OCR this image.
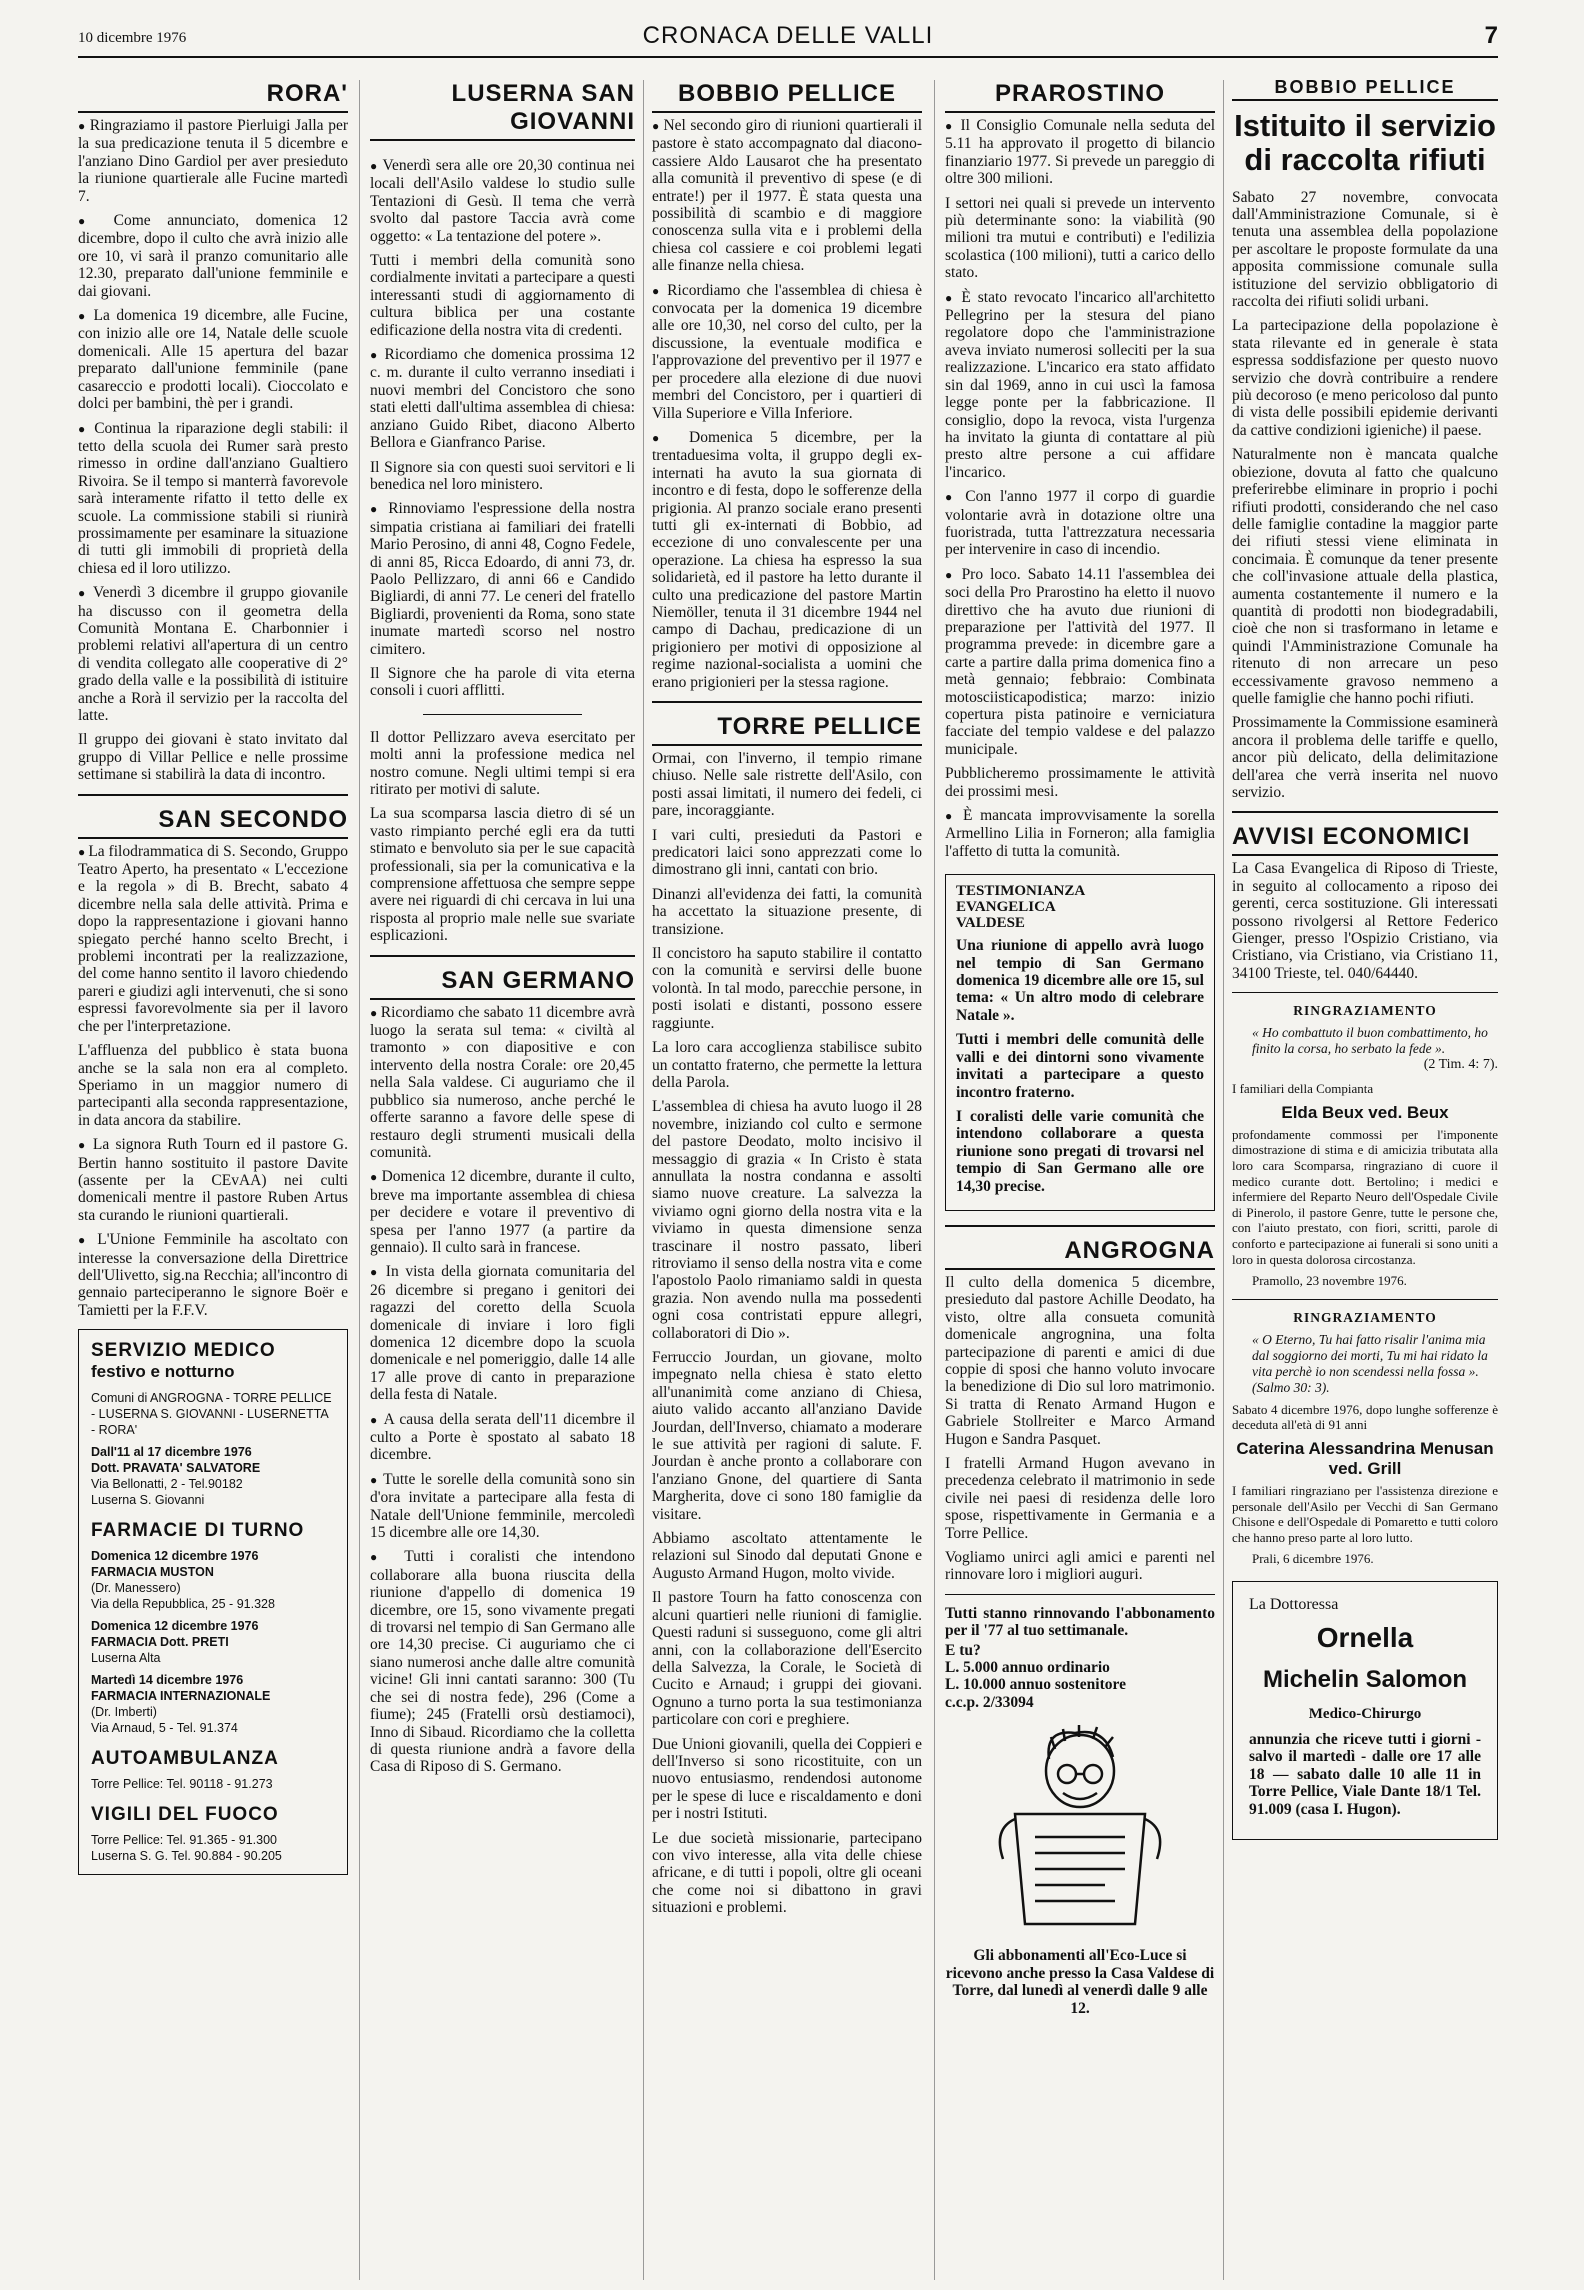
10 dicembre 1976	CRONACA DELLE VALLI	7
RORA'

● Ringraziamo il pastore Pierluigi Jalla per la sua predicazione tenuta il 5 dicembre e l'anziano Dino Gardiol per aver presieduto la riunione quartierale alle Fucine martedì 7.

● Come annunciato, domenica 12 dicembre, dopo il culto che avrà inizio alle ore 10, vi sarà il pranzo comunitario alle 12.30, preparato dall'unione femminile e dai giovani.

● La domenica 19 dicembre, alle Fucine, con inizio alle ore 14, Natale delle scuole domenicali. Alle 15 apertura del bazar preparato dall'unione femminile (pane casareccio e prodotti locali). Cioccolato e dolci per bambini, thè per i grandi.

● Continua la riparazione degli stabili: il tetto della scuola dei Rumer sarà presto rimesso in ordine dall'anziano Gualtiero Rivoira. Se il tempo si manterrà favorevole sarà interamente rifatto il tetto delle ex scuole. La commissione stabili si riunirà prossimamente per esaminare la situazione di tutti gli immobili di proprietà della chiesa ed il loro utilizzo.

● Venerdì 3 dicembre il gruppo giovanile ha discusso con il geometra della Comunità Montana E. Charbonnier i problemi relativi all'apertura di un centro di vendita collegato alle cooperative di 2° grado della valle e la possibilità di istituire anche a Rorà il servizio per la raccolta del latte.

Il gruppo dei giovani è stato invitato dal gruppo di Villar Pellice e nelle prossime settimane si stabilirà la data di incontro.

SAN SECONDO

● La filodrammatica di S. Secondo, Gruppo Teatro Aperto, ha presentato « L'eccezione e la regola » di B. Brecht, sabato 4 dicembre nella sala delle attività. Prima e dopo la rappresentazione i giovani hanno spiegato perché hanno scelto Brecht, i problemi incontrati per la realizzazione, del come hanno sentito il lavoro chiedendo pareri e giudizi agli intervenuti, che si sono espressi favorevolmente sia per il lavoro che per l'interpretazione.

L'affluenza del pubblico è stata buona anche se la sala non era al completo. Speriamo in un maggior numero di partecipanti alla seconda rappresentazione, in data ancora da stabilire.

● La signora Ruth Tourn ed il pastore G. Bertin hanno sostituito il pastore Davite (assente per la CEvAA) nei culti domenicali mentre il pastore Ruben Artus sta curando le riunioni quartierali.

● L'Unione Femminile ha ascoltato con interesse la conversazione della Direttrice dell'Ulivetto, sig.na Recchia; all'incontro di gennaio parteciperanno le signore Boër e Tamietti per la F.F.V.

SERVIZIO MEDICO
festivo e notturno
Comuni di ANGROGNA - TORRE PELLICE - LUSERNA S. GIOVANNI - LUSERNETTA - RORA'
Dall'11 al 17 dicembre 1976
Dott. PRAVATA' SALVATORE
Via Bellonatti, 2 - Tel.90182
Luserna S. Giovanni
FARMACIE DI TURNO
Domenica 12 dicembre 1976
FARMACIA MUSTON
(Dr. Manessero)
Via della Repubblica, 25 - 91.328
Domenica 12 dicembre 1976
FARMACIA Dott. PRETI
Luserna Alta
Martedì 14 dicembre 1976
FARMACIA INTERNAZIONALE
(Dr. Imberti)
Via Arnaud, 5 - Tel. 91.374
AUTOAMBULANZA
Torre Pellice: Tel. 90118 - 91.273
VIGILI DEL FUOCO
Torre Pellice: Tel. 91.365 - 91.300
Luserna S. G. Tel. 90.884 - 90.205
LUSERNA SAN GIOVANNI

● Venerdì sera alle ore 20,30 continua nei locali dell'Asilo valdese lo studio sulle Tentazioni di Gesù. Il tema che verrà svolto dal pastore Taccia avrà come oggetto: « La tentazione del potere ».

Tutti i membri della comunità sono cordialmente invitati a partecipare a questi interessanti studi di aggiornamento di cultura biblica per una costante edificazione della nostra vita di credenti.

● Ricordiamo che domenica prossima 12 c. m. durante il culto verranno insediati i nuovi membri del Concistoro che sono stati eletti dall'ultima assemblea di chiesa: anziano Guido Ribet, diacono Alberto Bellora e Gianfranco Parise.

Il Signore sia con questi suoi servitori e li benedica nel loro ministero.

● Rinnoviamo l'espressione della nostra simpatia cristiana ai familiari dei fratelli Mario Perosino, di anni 48, Cogno Fedele, di anni 85, Ricca Edoardo, di anni 73, dr. Paolo Pellizzaro, di anni 66 e Candido Bigliardi, di anni 77. Le ceneri del fratello Bigliardi, provenienti da Roma, sono state inumate martedì scorso nel nostro cimitero.

Il Signore che ha parole di vita eterna consoli i cuori afflitti.

Il dottor Pellizzaro aveva esercitato per molti anni la professione medica nel nostro comune. Negli ultimi tempi si era ritirato per motivi di salute.

La sua scomparsa lascia dietro di sé un vasto rimpianto perché egli era da tutti stimato e benvoluto sia per le sue capacità professionali, sia per la comunicativa e la comprensione affettuosa che sempre seppe avere nei riguardi di chi cercava in lui una risposta al proprio male nelle sue svariate esplicazioni.

SAN GERMANO

● Ricordiamo che sabato 11 dicembre avrà luogo la serata sul tema: « civiltà al tramonto » con diapositive e con intervento della nostra Corale: ore 20,45 nella Sala valdese. Ci auguriamo che il pubblico sia numeroso, anche perché le offerte saranno a favore delle spese di restauro degli strumenti musicali della comunità.

● Domenica 12 dicembre, durante il culto, breve ma importante assemblea di chiesa per decidere e votare il preventivo di spesa per l'anno 1977 (a partire da gennaio). Il culto sarà in francese.

● In vista della giornata comunitaria del 26 dicembre si pregano i genitori dei ragazzi del coretto della Scuola domenicale di inviare i loro figli domenica 12 dicembre dopo la scuola domenicale e nel pomeriggio, dalle 14 alle 17 alle prove di canto in preparazione della festa di Natale.

● A causa della serata dell'11 dicembre il culto a Porte è spostato al sabato 18 dicembre.

● Tutte le sorelle della comunità sono sin d'ora invitate a partecipare alla festa di Natale dell'Unione femminile, mercoledì 15 dicembre alle ore 14,30.

● Tutti i coralisti che intendono collaborare alla buona riuscita della riunione d'appello di domenica 19 dicembre, ore 15, sono vivamente pregati di trovarsi nel tempio di San Germano alle ore 14,30 precise. Ci auguriamo che ci siano numerosi anche dalle altre comunità vicine! Gli inni cantati saranno: 300 (Tu che sei di nostra fede), 296 (Come a fiume); 245 (Fratelli orsù destiamoci), Inno di Sibaud. Ricordiamo che la colletta di questa riunione andrà a favore della Casa di Riposo di S. Germano.

BOBBIO PELLICE

● Nel secondo giro di riunioni quartierali il pastore è stato accompagnato dal diacono-cassiere Aldo Lausarot che ha presentato alla comunità il preventivo di spese (e di entrate!) per il 1977. È stata questa una possibilità di scambio e di maggiore conoscenza sulla vita e i problemi della chiesa col cassiere e coi problemi legati alle finanze nella chiesa.

● Ricordiamo che l'assemblea di chiesa è convocata per la domenica 19 dicembre alle ore 10,30, nel corso del culto, per la discussione, la eventuale modifica e l'approvazione del preventivo per il 1977 e per procedere alla elezione di due nuovi membri del Concistoro, per i quartieri di Villa Superiore e Villa Inferiore.

● Domenica 5 dicembre, per la trentaduesima volta, il gruppo degli ex-internati ha avuto la sua giornata di incontro e di festa, dopo le sofferenze della prigionia. Al pranzo sociale erano presenti tutti gli ex-internati di Bobbio, ad eccezione di uno convalescente per una operazione. La chiesa ha espresso la sua solidarietà, ed il pastore ha letto durante il culto una predicazione del pastore Martin Niemöller, tenuta il 31 dicembre 1944 nel campo di Dachau, predicazione di un prigioniero per motivi di opposizione al regime nazional-socialista a uomini che erano prigionieri per la stessa ragione.

TORRE PELLICE

Ormai, con l'inverno, il tempio rimane chiuso. Nelle sale ristrette dell'Asilo, con posti assai limitati, il numero dei fedeli, ci pare, incoraggiante.

I vari culti, presieduti da Pastori e predicatori laici sono apprezzati come lo dimostrano gli inni, cantati con brio.

Dinanzi all'evidenza dei fatti, la comunità ha accettato la situazione presente, di transizione.

Il concistoro ha saputo stabilire il contatto con la comunità e servirsi delle buone volontà. In tal modo, parecchie persone, in posti isolati e distanti, possono essere raggiunte.

La loro cara accoglienza stabilisce subito un contatto fraterno, che permette la lettura della Parola.

L'assemblea di chiesa ha avuto luogo il 28 novembre, iniziando col culto e sermone del pastore Deodato, molto incisivo il messaggio di grazia « In Cristo è stata annullata la nostra condanna e assolti siamo nuove creature. La salvezza la viviamo ogni giorno della nostra vita e la viviamo in questa dimensione senza trascinare il nostro passato, liberi ritroviamo il senso della nostra vita e come l'apostolo Paolo rimaniamo saldi in questa grazia. Non avendo nulla ma possedenti ogni cosa contristati eppure allegri, collaboratori di Dio ».

Ferruccio Jourdan, un giovane, molto impegnato nella chiesa è stato eletto all'unanimità come anziano di Chiesa, aiuto valido accanto all'anziano Davide Jourdan, dell'Inverso, chiamato a moderare le sue attività per ragioni di salute. F. Jourdan è anche pronto a collaborare con l'anziano Gnone, del quartiere di Santa Margherita, dove ci sono 180 famiglie da visitare.

Abbiamo ascoltato attentamente le relazioni sul Sinodo dal deputati Gnone e Augusto Armand Hugon, molto vivide.

Il pastore Tourn ha fatto conoscenza con alcuni quartieri nelle riunioni di famiglie. Questi raduni si susseguono, come gli altri anni, con la collaborazione dell'Esercito della Salvezza, la Corale, le Società di Cucito e Arnaud; i gruppi dei giovani. Ognuno a turno porta la sua testimonianza particolare con cori e preghiere.

Due Unioni giovanili, quella dei Coppieri e dell'Inverso si sono ricostituite, con un nuovo entusiasmo, rendendosi autonome per le spese di luce e riscaldamento e doni per i nostri Istituti.

Le due società missionarie, partecipano con vivo interesse, alla vita delle chiese africane, e di tutti i popoli, oltre gli oceani che come noi si dibattono in gravi situazioni e problemi.

PRAROSTINO

● Il Consiglio Comunale nella seduta del 5.11 ha approvato il progetto di bilancio finanziario 1977. Si prevede un pareggio di oltre 300 milioni.

I settori nei quali si prevede un intervento più determinante sono: la viabilità (90 milioni tra mutui e contributi) e l'edilizia scolastica (100 milioni), tutti a carico dello stato.

● È stato revocato l'incarico all'architetto Pellegrino per la stesura del piano regolatore dopo che l'amministrazione aveva inviato numerosi solleciti per la sua realizzazione. L'incarico era stato affidato sin dal 1969, anno in cui uscì la famosa legge ponte per la fabbricazione. Il consiglio, dopo la revoca, vista l'urgenza ha invitato la giunta di contattare al più presto altre persone a cui affidare l'incarico.

● Con l'anno 1977 il corpo di guardie volontarie avrà in dotazione oltre una fuoristrada, tutta l'attrezzatura necessaria per intervenire in caso di incendio.

● Pro loco. Sabato 14.11 l'assemblea dei soci della Pro Prarostino ha eletto il nuovo direttivo che ha avuto due riunioni di preparazione per l'attività del 1977. Il programma prevede: in dicembre gare a carte a partire dalla prima domenica fino a metà gennaio; febbraio: Combinata motosciisticapodistica; marzo: inizio copertura pista patinoire e verniciatura facciate del tempio valdese e del palazzo municipale.

Pubblicheremo prossimamente le attività dei prossimi mesi.

● È mancata improvvisamente la sorella Armellino Lilia in Forneron; alla famiglia l'affetto di tutta la comunità.

TESTIMONIANZA
EVANGELICA
VALDESE

Una riunione di appello avrà luogo nel tempio di San Germano domenica 19 dicembre alle ore 15, sul tema: « Un altro modo di celebrare Natale ».

Tutti i membri delle comunità delle valli e dei dintorni sono vivamente invitati a partecipare a questo incontro fraterno.

I coralisti delle varie comunità che intendono collaborare a questa riunione sono pregati di trovarsi nel tempio di San Germano alle ore 14,30 precise.

ANGROGNA

Il culto della domenica 5 dicembre, presieduto dal pastore Achille Deodato, ha visto, oltre alla consueta comunità domenicale angrognina, una folta partecipazione di parenti e amici di due coppie di sposi che hanno voluto invocare la benedizione di Dio sul loro matrimonio. Si tratta di Renato Armand Hugon e Gabriele Stollreiter e Marco Armand Hugon e Sandra Pasquet.

I fratelli Armand Hugon avevano in precedenza celebrato il matrimonio in sede civile nei paesi di residenza delle loro spose, rispettivamente in Germania e a Torre Pellice.

Vogliamo unirci agli amici e parenti nel rinnovare loro i migliori auguri.

Tutti stanno rinnovando l'abbonamento per il '77 al tuo settimanale.

E tu?

L. 5.000 annuo ordinario

L. 10.000 annuo sostenitore

c.c.p. 2/33094

Gli abbonamenti all'Eco-Luce si ricevono anche presso la Casa Valdese di Torre, dal lunedì al venerdì dalle 9 alle 12.

BOBBIO PELLICE
Istituito il servizio di raccolta rifiuti

Sabato 27 novembre, convocata dall'Amministrazione Comunale, si è tenuta una assemblea della popolazione per ascoltare le proposte formulate da una apposita commissione comunale sulla istituzione del servizio obbligatorio di raccolta dei rifiuti solidi urbani.

La partecipazione della popolazione è stata rilevante ed in generale è stata espressa soddisfazione per questo nuovo servizio che dovrà contribuire a rendere più decoroso (e meno pericoloso dal punto di vista delle possibili epidemie derivanti da cattive condizioni igieniche) il paese.

Naturalmente non è mancata qualche obiezione, dovuta al fatto che qualcuno preferirebbe eliminare in proprio i pochi rifiuti prodotti, considerando che nel caso delle famiglie contadine la maggior parte dei rifiuti stessi viene eliminata in concimaia. È comunque da tener presente che coll'invasione attuale della plastica, aumenta costantemente il numero e la quantità di prodotti non biodegradabili, cioè che non si trasformano in letame e quindi l'Amministrazione Comunale ha ritenuto di non arrecare un peso eccessivamente gravoso nemmeno a quelle famiglie che hanno pochi rifiuti.

Prossimamente la Commissione esaminerà ancora il problema delle tariffe e quello, ancor più delicato, della delimitazione dell'area che verrà inserita nel nuovo servizio.

AVVISI ECONOMICI

La Casa Evangelica di Riposo di Trieste, in seguito al collocamento a riposo dei gerenti, cerca sostituzione. Gli interessati possono rivolgersi al Rettore Federico Gienger, presso l'Ospizio Cristiano, via Cristiano, via Cristiano, via Cristiano 11, 34100 Trieste, tel. 040/64440.

RINGRAZIAMENTO
« Ho combattuto il buon combattimento, ho finito la corsa, ho serbato la fede ».
(2 Tim. 4: 7).
I familiari della Compianta
Elda Beux ved. Beux
profondamente commossi per l'imponente dimostrazione di stima e di amicizia tributata alla loro cara Scomparsa, ringraziano di cuore il medico curante dott. Bertolino; i medici e infermiere del Reparto Neuro dell'Ospedale Civile di Pinerolo, il pastore Genre, tutte le persone che, con l'aiuto prestato, con fiori, scritti, parole di conforto e partecipazione ai funerali si sono uniti a loro in questa dolorosa circostanza.
Pramollo, 23 novembre 1976.
RINGRAZIAMENTO
« O Eterno, Tu hai fatto risalir l'anima mia dal soggiorno dei morti, Tu mi hai ridato la vita perchè io non scendessi nella fossa ». (Salmo 30: 3).
Sabato 4 dicembre 1976, dopo lunghe sofferenze è deceduta all'età di 91 anni
Caterina Alessandrina Menusan ved. Grill
I familiari ringraziano per l'assistenza direzione e personale dell'Asilo per Vecchi di San Germano Chisone e dell'Ospedale di Pomaretto e tutti coloro che hanno preso parte al loro lutto.
Prali, 6 dicembre 1976.
La Dottoressa
Ornella
Michelin Salomon
Medico-Chirurgo

annunzia che riceve tutti i giorni - salvo il martedì - dalle ore 17 alle 18 — sabato dalle 10 alle 11 in Torre Pellice, Viale Dante 18/1 Tel. 91.009 (casa I. Hugon).
